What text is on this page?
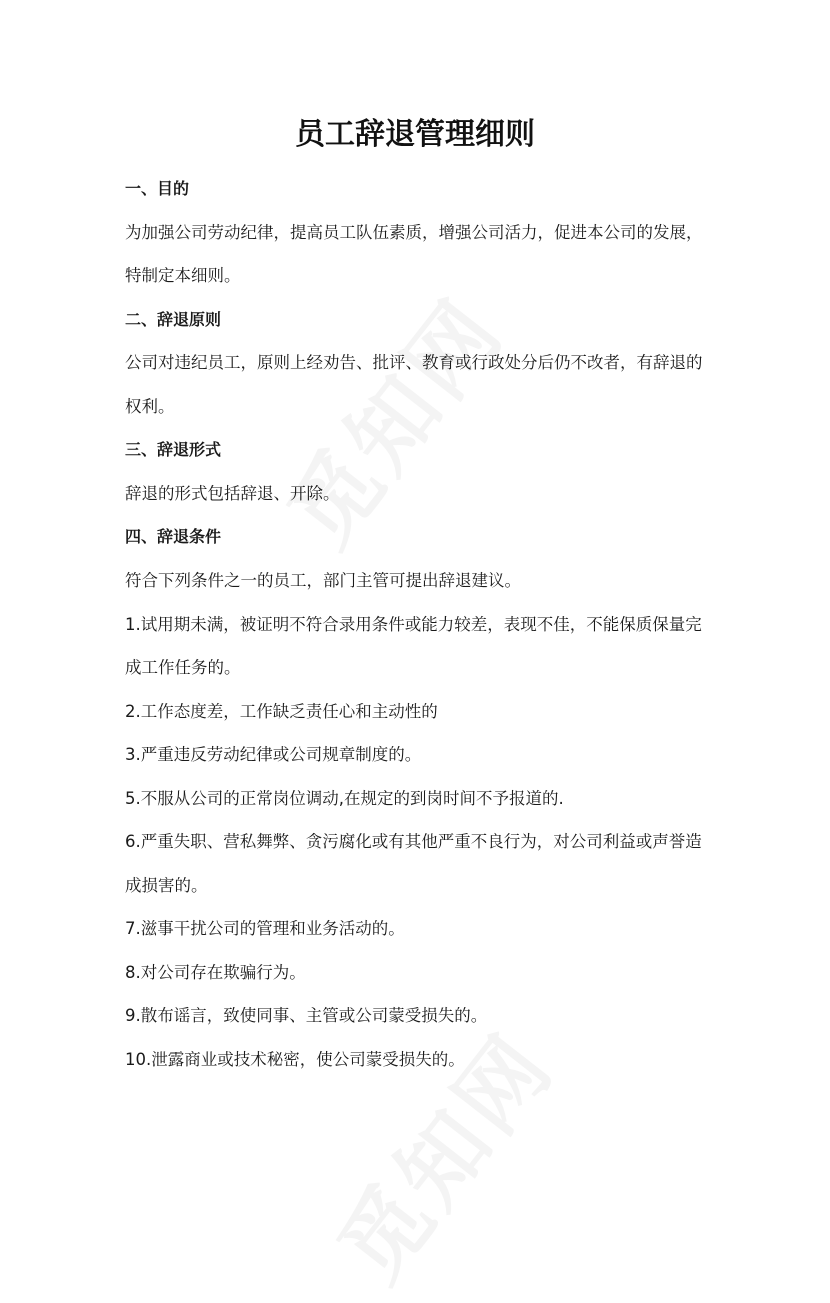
员工辞退管理细则
一、目的
为加强公司劳动纪律，提高员工队伍素质，增强公司活力，促进本公司的发展，
特制定本细则。
二、辞退原则
公司对违纪员工，原则上经劝告、批评、教育或行政处分后仍不改者，有辞退的
权利。
三、辞退形式
辞退的形式包括辞退、开除。
四、辞退条件
符合下列条件之一的员工，部门主管可提出辞退建议。
1.试用期未满，被证明不符合录用条件或能力较差，表现不佳，不能保质保量完
成工作任务的。
2.工作态度差，工作缺乏责任心和主动性的
3.严重违反劳动纪律或公司规章制度的。
5.不服从公司的正常岗位调动,在规定的到岗时间不予报道的.
6.严重失职、营私舞弊、贪污腐化或有其他严重不良行为，对公司利益或声誉造
成损害的。
7.滋事干扰公司的管理和业务活动的。
8.对公司存在欺骗行为。
9.散布谣言，致使同事、主管或公司蒙受损失的。
10.泄露商业或技术秘密，使公司蒙受损失的。
